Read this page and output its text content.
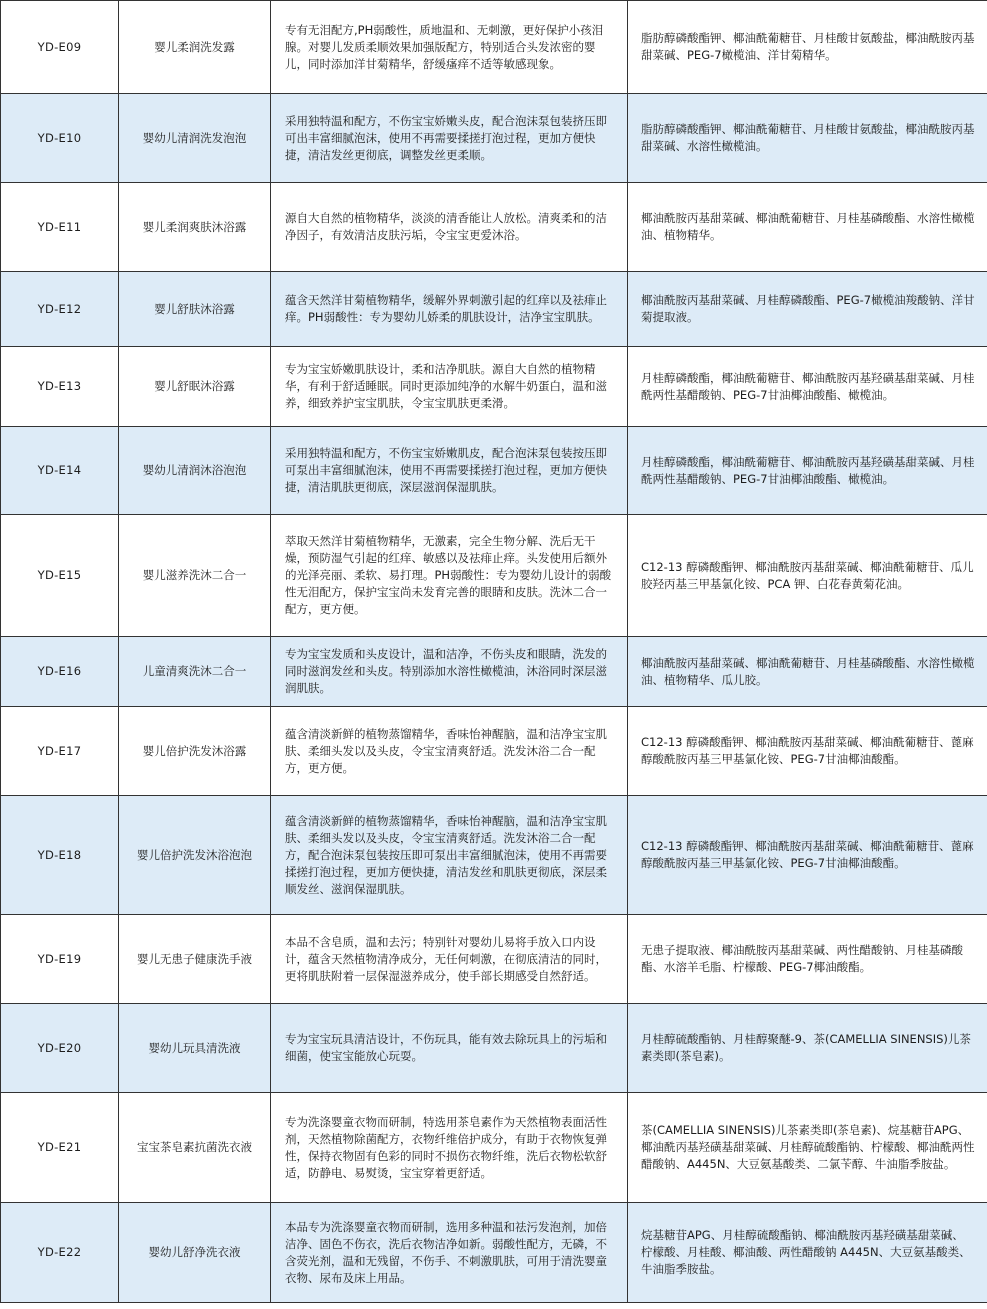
YD-E09	婴儿柔润洗发露	专有无泪配方,PH弱酸性，质地温和、无刺激，更好保护小孩泪腺。对婴儿发质柔顺效果加强版配方，特别适合头发浓密的婴儿，同时添加洋甘菊精华，舒缓瘙痒不适等敏感现象。	脂肪醇磷酸酯钾、椰油酰葡糖苷、月桂酸甘氨酸盐，椰油酰胺丙基甜菜碱、PEG-7橄榄油、洋甘菊精华。
YD-E10	婴幼儿清润洗发泡泡	采用独特温和配方，不伤宝宝娇嫩头皮，配合泡沫泵包装挤压即可出丰富细腻泡沫，使用不再需要揉搓打泡过程，更加方便快捷，清洁发丝更彻底，调整发丝更柔顺。	脂肪醇磷酸酯钾、椰油酰葡糖苷、月桂酸甘氨酸盐，椰油酰胺丙基甜菜碱、水溶性橄榄油。
YD-E11	婴儿柔润爽肤沐浴露	源自大自然的植物精华，淡淡的清香能让人放松。清爽柔和的洁净因子，有效清洁皮肤污垢，令宝宝更爱沐浴。	椰油酰胺丙基甜菜碱、椰油酰葡糖苷、月桂基磷酸酯、水溶性橄榄油、植物精华。
YD-E12	婴儿舒肤沐浴露	蕴含天然洋甘菊植物精华，缓解外界刺激引起的红痒以及祛痱止痒。PH弱酸性：专为婴幼儿娇柔的肌肤设计，洁净宝宝肌肤。	椰油酰胺丙基甜菜碱、月桂醇磷酸酯、PEG-7橄榄油羧酸钠、洋甘菊提取液。
YD-E13	婴儿舒眠沐浴露	专为宝宝娇嫩肌肤设计，柔和洁净肌肤。源自大自然的植物精华，有利于舒适睡眠。同时更添加纯净的水解牛奶蛋白，温和滋养，细致养护宝宝肌肤，令宝宝肌肤更柔滑。	月桂醇磷酸酯，椰油酰葡糖苷、椰油酰胺丙基羟磺基甜菜碱、月桂酰两性基醋酸钠、PEG-7甘油椰油酸酯、橄榄油。
YD-E14	婴幼儿清润沐浴泡泡	采用独特温和配方，不伤宝宝娇嫩肌皮，配合泡沫泵包装按压即可泵出丰富细腻泡沫，使用不再需要揉搓打泡过程，更加方便快捷，清洁肌肤更彻底，深层滋润保湿肌肤。	月桂醇磷酸酯，椰油酰葡糖苷、椰油酰胺丙基羟磺基甜菜碱、月桂酰两性基醋酸钠、PEG-7甘油椰油酸酯、橄榄油。
YD-E15	婴儿滋养洗沐二合一	萃取天然洋甘菊植物精华，无激素，完全生物分解、洗后无干燥，预防湿气引起的红痒、敏感以及祛痱止痒。头发使用后额外的光泽亮丽、柔软、易打理。PH弱酸性：专为婴幼儿设计的弱酸性无泪配方，保护宝宝尚未发育完善的眼睛和皮肤。洗沐二合一配方，更方便。	C12-13 醇磷酸酯钾、椰油酰胺丙基甜菜碱、椰油酰葡糖苷、瓜儿胶羟丙基三甲基氯化铵、PCA 钾、白花春黄菊花油。
YD-E16	儿童清爽洗沐二合一	专为宝宝发质和头皮设计，温和洁净，不伤头皮和眼睛，洗发的同时滋润发丝和头皮。特别添加水溶性橄榄油，沐浴同时深层滋润肌肤。	椰油酰胺丙基甜菜碱、椰油酰葡糖苷、月桂基磷酸酯、水溶性橄榄油、植物精华、瓜儿胶。
YD-E17	婴儿倍护洗发沐浴露	蕴含清淡新鲜的植物蒸馏精华，香味怡神醒脑，温和洁净宝宝肌肤、柔细头发以及头皮，令宝宝清爽舒适。洗发沐浴二合一配方，更方便。	C12-13 醇磷酸酯钾、椰油酰胺丙基甜菜碱、椰油酰葡糖苷、蓖麻醇酸酰胺丙基三甲基氯化铵、PEG-7甘油椰油酸酯。
YD-E18	婴儿倍护洗发沐浴泡泡	蕴含清淡新鲜的植物蒸馏精华，香味怡神醒脑，温和洁净宝宝肌肤、柔细头发以及头皮，令宝宝清爽舒适。洗发沐浴二合一配方，配合泡沫泵包装按压即可泵出丰富细腻泡沫，使用不再需要揉搓打泡过程，更加方便快捷，清洁发丝和肌肤更彻底，深层柔顺发丝、滋润保湿肌肤。	C12-13 醇磷酸酯钾、椰油酰胺丙基甜菜碱、椰油酰葡糖苷、蓖麻醇酸酰胺丙基三甲基氯化铵、PEG-7甘油椰油酸酯。
YD-E19	婴儿无患子健康洗手液	本品不含皂质，温和去污；特别针对婴幼儿易将手放入口内设计，蕴含天然植物清净成分，无任何刺激，在彻底清洁的同时，更将肌肤附着一层保湿滋养成分，使手部长期感受自然舒适。	无患子提取液、椰油酰胺丙基甜菜碱、两性醋酸钠、月桂基磷酸酯、水溶羊毛脂、柠檬酸、PEG-7椰油酸酯。
YD-E20	婴幼儿玩具清洗液	专为宝宝玩具清洁设计，不伤玩具，能有效去除玩具上的污垢和细菌，使宝宝能放心玩耍。	月桂醇硫酸酯钠、月桂醇聚醚-9、茶(CAMELLIA SINENSIS)儿茶素类即(茶皂素)。
YD-E21	宝宝茶皂素抗菌洗衣液	专为洗涤婴童衣物而研制，特选用茶皂素作为天然植物表面活性剂，天然植物除菌配方，衣物纤维倍护成分，有助于衣物恢复弹性，保持衣物固有色彩的同时不损伤衣物纤维，洗后衣物松软舒适，防静电、易熨烫，宝宝穿着更舒适。	茶(CAMELLIA SINENSIS)儿茶素类即(茶皂素)、烷基糖苷APG、椰油酰丙基羟磺基甜菜碱、月桂醇硫酸酯钠、柠檬酸、椰油酰两性醋酸钠、A445N、大豆氨基酸类、二氯苄醇、牛油脂季胺盐。
YD-E22	婴幼儿舒净洗衣液	本品专为洗涤婴童衣物而研制，选用多种温和祛污发泡剂，加倍洁净、固色不伤衣，洗后衣物洁净如新。弱酸性配方，无磷，不含荧光剂，温和无残留，不伤手、不刺激肌肤，可用于清洗婴童衣物、尿布及床上用品。	烷基糖苷APG、月桂醇硫酸酯钠、椰油酰胺丙基羟磺基甜菜碱、柠檬酸、月桂酸、椰油酸、两性醋酸钠 A445N、大豆氨基酸类、牛油脂季胺盐。
